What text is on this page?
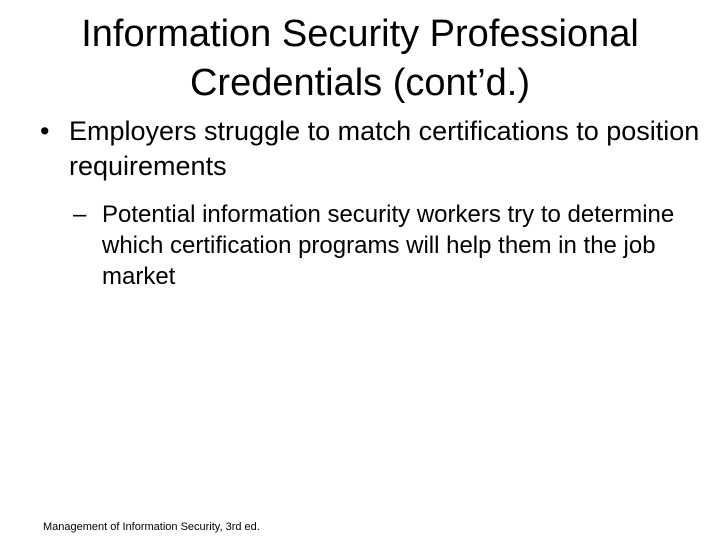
Information Security Professional
Credentials (cont’d.)
• Employers struggle to match certifications to position requirements
– Potential information security workers try to determine which certification programs will help them in the job market
Management of Information Security, 3rd ed.
